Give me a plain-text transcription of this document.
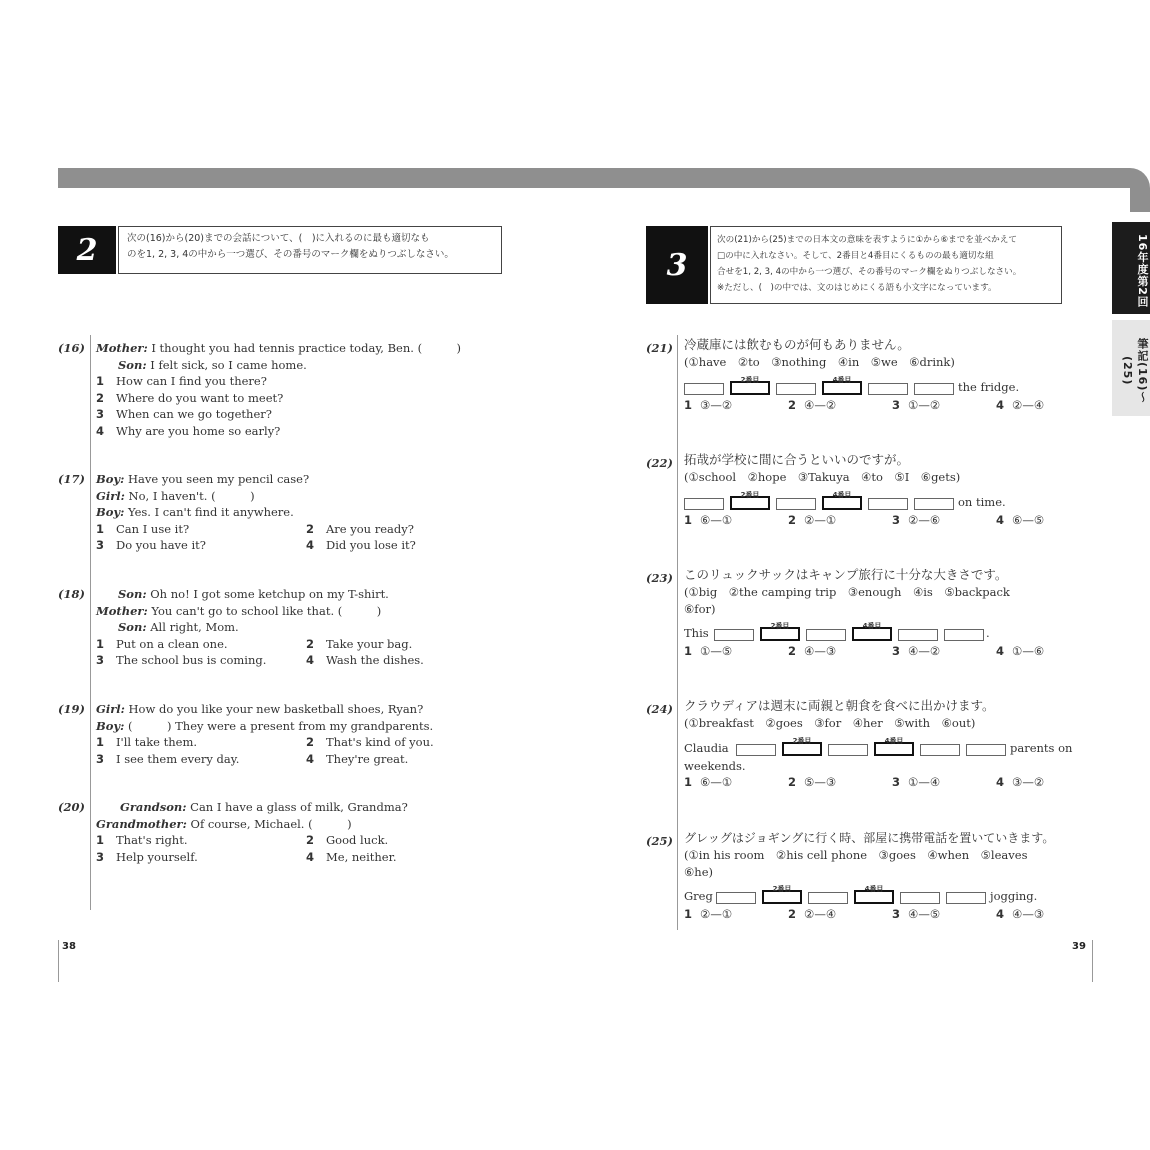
16年度第2回
筆記(16)〜(25)
2	次の(16)から(20)までの会話について、(　)に入れるのに最も適切なも
のを1, 2, 3, 4の中から一つ選び、その番号のマーク欄をぬりつぶしなさい。
(16) Mother: I thought you had tennis practice today, Ben. (　　　)
Son: I felt sick, so I came home.
1 How can I find you there?
2 Where do you want to meet?
3 When can we go together?
4 Why are you home so early?
(17) Boy: Have you seen my pencil case?
Girl: No, I haven't. (　　　)
Boy: Yes. I can't find it anywhere.
1 Can I use it?	2 Are you ready?
3 Do you have it?	4 Did you lose it?
(18)	Son: Oh no! I got some ketchup on my T-shirt.
Mother: You can't go to school like that. (　　　)
Son: All right, Mom.
1 Put on a clean one.	2 Take your bag.
3 The school bus is coming.	4 Wash the dishes.
(19) Girl: How do you like your new basketball shoes, Ryan?
Boy: (　　　) They were a present from my grandparents.
1 I'll take them.	2 That's kind of you.
3 I see them every day.	4 They're great.
(20)	Grandson: Can I have a glass of milk, Grandma?
Grandmother: Of course, Michael. (　　　)
1 That's right.	2 Good luck.
3 Help yourself.	4 Me, neither.
38
3
次の(21)から(25)までの日本文の意味を表すように①から⑥までを並べかえて
□の中に入れなさい。そして、2番目と4番目にくるものの最も適切な組
合せを1, 2, 3, 4の中から一つ選び、その番号のマーク欄をぬりつぶしなさい。
※ただし、(　)の中では、文のはじめにくる語も小文字になっています。
(21) 冷蔵庫には飲むものが何もありません。
(①have　②to　③nothing　④in　⑤we　⑥drink)
2番目	4番目	the fridge.
1 ③—②	2 ④—②	3 ①—②	4 ②—④
(22) 拓哉が学校に間に合うといいのですが。
(①school　②hope　③Takuya　④to　⑤I　⑥gets)
2番目	4番目	on time.
1 ⑥—①	2 ②—①	3 ②—⑥	4 ⑥—⑤
(23) このリュックサックはキャンプ旅行に十分な大きさです。
(①big　②the camping trip　③enough　④is　⑤backpack
⑥for)
This	2番目	4番目	.
1 ①—⑤	2 ④—③	3 ④—②	4 ①—⑥
(24) クラウディアは週末に両親と朝食を食べに出かけます。
(①breakfast　②goes　③for　④her　⑤with　⑥out)
Claudia	2番目	4番目	parents on
weekends.
1 ⑥—①	2 ⑤—③	3 ①—④	4 ③—②
(25) グレッグはジョギングに行く時、部屋に携帯電話を置いていきます。
(①in his room　②his cell phone　③goes　④when　⑤leaves
⑥he)
Greg	2番目	4番目	jogging.
1 ②—①	2 ②—④	3 ④—⑤	4 ④—③
39
